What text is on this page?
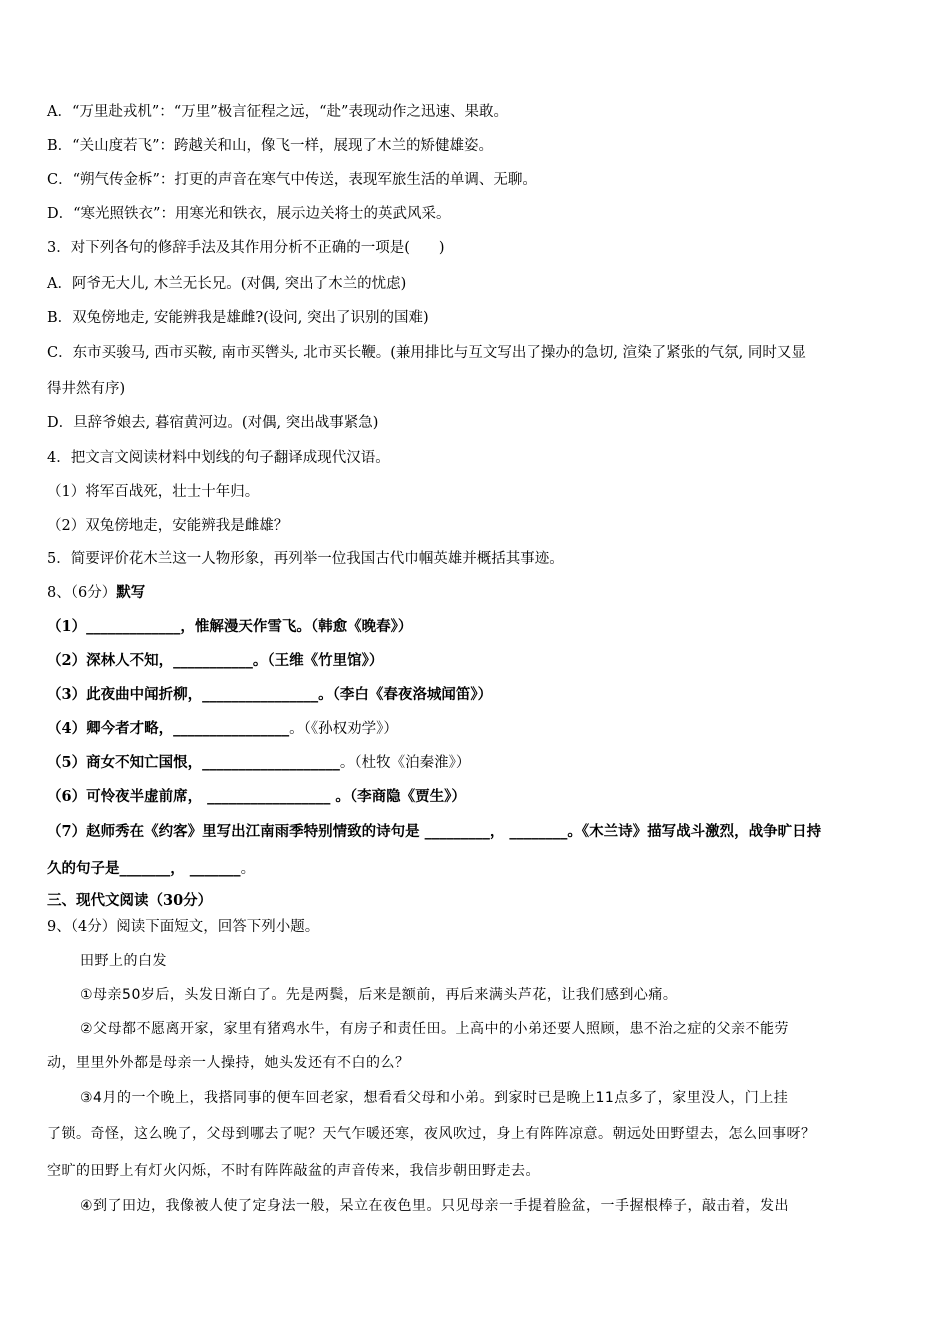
A．“万里赴戎机”：“万里”极言征程之远，“赴”表现动作之迅速、果敢。
B．“关山度若飞”：跨越关和山，像飞一样，展现了木兰的矫健雄姿。
C．“朔气传金柝”：打更的声音在寒气中传送，表现军旅生活的单调、无聊。
D．“寒光照铁衣”：用寒光和铁衣，展示边关将士的英武风采。
3．对下列各句的修辞手法及其作用分析不正确的一项是(　　)
A．阿爷无大儿, 木兰无长兄。(对偶, 突出了木兰的忧虑)
B．双兔傍地走, 安能辨我是雄雌?(设问, 突出了识别的国难)
C．东市买骏马, 西市买鞍, 南市买辔头, 北市买长鞭。(兼用排比与互文写出了操办的急切, 渲染了紧张的气氛, 同时又显
得井然有序)
D．旦辞爷娘去, 暮宿黄河边。(对偶, 突出战事紧急)
4．把文言文阅读材料中划线的句子翻译成现代汉语。
（1）将军百战死，壮士十年归。
（2）双兔傍地走，安能辨我是雌雄？
5．简要评价花木兰这一人物形象，再列举一位我国古代巾帼英雄并概括其事迹。
8、（6分）默写
（1）_____________，惟解漫天作雪飞。（韩愈《晚春》）
（2）深林人不知，___________。（王维《竹里馆》）
（3）此夜曲中闻折柳，________________。（李白《春夜洛城闻笛》）
（4）卿今者才略，________________。（《孙权劝学》）
（5）商女不知亡国恨，___________________。（杜牧《泊秦淮》）
（6）可怜夜半虚前席， _________________ 。（李商隐《贾生》）
（7）赵师秀在《约客》里写出江南雨季特别情致的诗句是 _________， ________。《木兰诗》描写战斗激烈，战争旷日持
久的句子是_______， _______。
三、现代文阅读（30分）
9、（4分）阅读下面短文，回答下列小题。
田野上的白发
①母亲50岁后，头发日渐白了。先是两鬓，后来是额前，再后来满头芦花，让我们感到心痛。
②父母都不愿离开家，家里有猪鸡水牛，有房子和责任田。上高中的小弟还要人照顾，患不治之症的父亲不能劳
动，里里外外都是母亲一人操持，她头发还有不白的么？
③4月的一个晚上，我搭同事的便车回老家，想看看父母和小弟。到家时已是晚上11点多了，家里没人，门上挂
了锁。奇怪，这么晚了，父母到哪去了呢？天气乍暖还寒，夜风吹过，身上有阵阵凉意。朝远处田野望去，怎么回事呀？
空旷的田野上有灯火闪烁，不时有阵阵敲盆的声音传来，我信步朝田野走去。
④到了田边，我像被人使了定身法一般，呆立在夜色里。只见母亲一手提着脸盆，一手握根棒子，敲击着，发出
